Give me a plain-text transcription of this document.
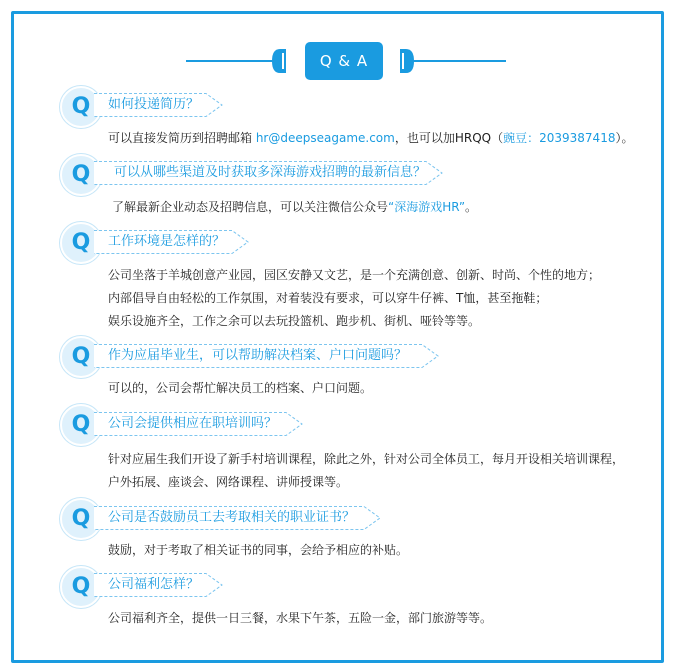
Q & A
Q	如何投递简历？
可以直接发简历到招聘邮箱 hr@deepseagame.com，也可以加HRQQ（豌豆：2039387418）。
Q	可以从哪些渠道及时获取多深海游戏招聘的最新信息？
了解最新企业动态及招聘信息，可以关注微信公众号“深海游戏HR”。
Q	工作环境是怎样的？
公司坐落于羊城创意产业园，园区安静又文艺，是一个充满创意、创新、时尚、个性的地方；
内部倡导自由轻松的工作氛围，对着装没有要求，可以穿牛仔裤、T恤，甚至拖鞋；
娱乐设施齐全，工作之余可以去玩投篮机、跑步机、街机、哑铃等等。
Q	作为应届毕业生，可以帮助解决档案、户口问题吗？
可以的，公司会帮忙解决员工的档案、户口问题。
Q	公司会提供相应在职培训吗？
针对应届生我们开设了新手村培训课程，除此之外，针对公司全体员工，每月开设相关培训课程，
户外拓展、座谈会、网络课程、讲师授课等。
Q	公司是否鼓励员工去考取相关的职业证书？
鼓励，对于考取了相关证书的同事，会给予相应的补贴。
Q	公司福利怎样？
公司福利齐全，提供一日三餐，水果下午茶，五险一金，部门旅游等等。
